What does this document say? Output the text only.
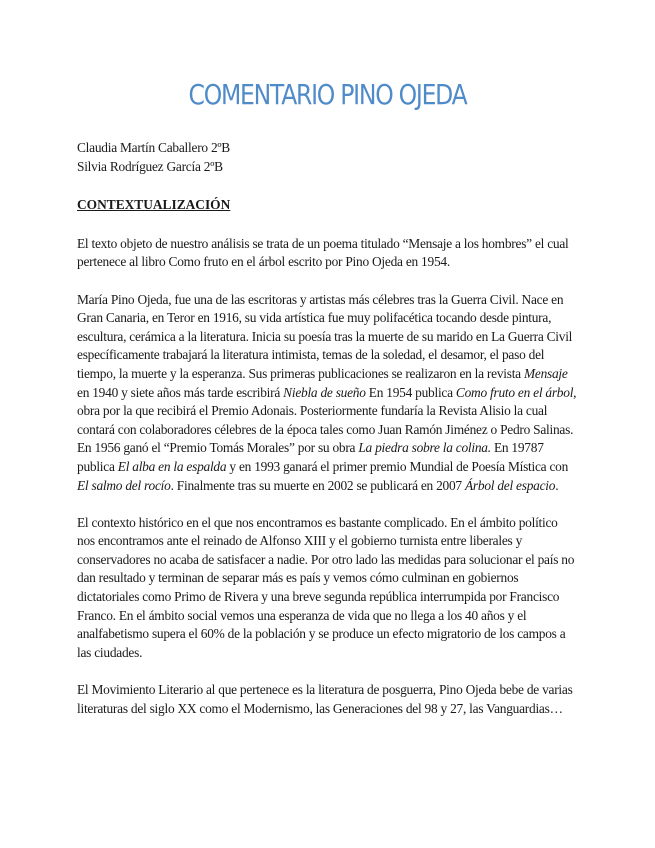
COMENTARIO PINO OJEDA
Claudia Martín Caballero 2ºB
Silvia Rodríguez García 2ºB
CONTEXTUALIZACIÓN

El texto objeto de nuestro análisis se trata de un poema titulado “Mensaje a los hombres” el cual pertenece al libro Como fruto en el árbol escrito por Pino Ojeda en 1954.

María Pino Ojeda, fue una de las escritoras y artistas más célebres tras la Guerra Civil. Nace en Gran Canaria, en Teror en 1916, su vida artística fue muy polifacética tocando desde pintura, escultura, cerámica a la literatura. Inicia su poesía tras la muerte de su marido en La Guerra Civil específicamente trabajará la literatura intimista, temas de la soledad, el desamor, el paso del tiempo, la muerte y la esperanza. Sus primeras publicaciones se realizaron en la revista Mensaje en 1940 y siete años más tarde escribirá Niebla de sueño En 1954 publica Como fruto en el árbol, obra por la que recibirá el Premio Adonais. Posteriormente fundaría la Revista Alisio la cual contará con colaboradores célebres de la época tales como Juan Ramón Jiménez o Pedro Salinas. En 1956 ganó el “Premio Tomás Morales” por su obra La piedra sobre la colina. En 19787 publica El alba en la espalda y en 1993 ganará el primer premio Mundial de Poesía Mística con El salmo del rocío. Finalmente tras su muerte en 2002 se publicará en 2007 Árbol del espacio.

El contexto histórico en el que nos encontramos es bastante complicado. En el ámbito político nos encontramos ante el reinado de Alfonso XIII y el gobierno turnista entre liberales y conservadores no acaba de satisfacer a nadie. Por otro lado las medidas para solucionar el país no dan resultado y terminan de separar más es país y vemos cómo culminan en gobiernos dictatoriales como Primo de Rivera y una breve segunda república interrumpida por Francisco Franco. En el ámbito social vemos una esperanza de vida que no llega a los 40 años y el analfabetismo supera el 60% de la población y se produce un efecto migratorio de los campos a las ciudades.

El Movimiento Literario al que pertenece es la literatura de posguerra, Pino Ojeda bebe de varias literaturas del siglo XX como el Modernismo, las Generaciones del 98 y 27, las Vanguardias…
